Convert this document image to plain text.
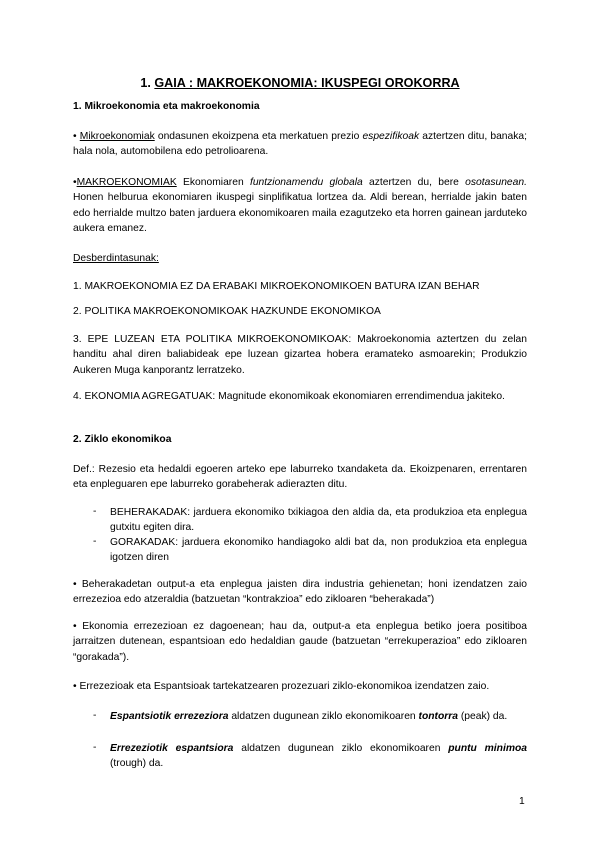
1. GAIA : MAKROEKONOMIA: IKUSPEGI OROKORRA
1. Mikroekonomia eta makroekonomia
• Mikroekonomiak ondasunen ekoizpena eta merkatuen prezio espezifikoak aztertzen ditu, banaka; hala nola, automobilena edo petrolioarena.
•MAKROEKONOMIAK Ekonomiaren funtzionamendu globala aztertzen du, bere osotasunean. Honen helburua ekonomiaren ikuspegi sinplifikatua lortzea da. Aldi berean, herrialde jakin baten edo herrialde multzo baten jarduera ekonomikoaren maila ezagutzeko eta horren gainean jarduteko aukera emanez.
Desberdintasunak:
1. MAKROEKONOMIA EZ DA ERABAKI MIKROEKONOMIKOEN BATURA IZAN BEHAR
2. POLITIKA MAKROEKONOMIKOAK HAZKUNDE EKONOMIKOA
3. EPE LUZEAN ETA POLITIKA MIKROEKONOMIKOAK: Makroekonomia aztertzen du zelan handitu ahal diren baliabideak epe luzean gizartea hobera eramateko asmoarekin; Produkzio Aukeren Muga kanporantz lerratzeko.
4. EKONOMIA AGREGATUAK: Magnitude ekonomikoak ekonomiaren errendimendua jakiteko.
2. Ziklo ekonomikoa
Def.: Rezesio eta hedaldi egoeren arteko epe laburreko txandaketa da. Ekoizpenaren, errentaren eta enpleguaren epe laburreko gorabeherak adierazten ditu.
- BEHERAKADAK: jarduera ekonomiko txikiagoa den aldia da, eta produkzioa eta enplegua gutxitu egiten dira.
- GORAKADAK: jarduera ekonomiko handiagoko aldi bat da, non produkzioa eta enplegua igotzen diren
• Beherakadetan output-a eta enplegua jaisten dira industria gehienetan; honi izendatzen zaio errezezioa edo atzeraldia (batzuetan “kontrakzioa” edo zikloaren “beherakada”)
• Ekonomia errezezioan ez dagoenean; hau da, output-a eta enplegua betiko joera positiboa jarraitzen dutenean, espantsioan edo hedaldian gaude (batzuetan “errekuperazioa” edo zikloaren “gorakada”).
• Errezezioak eta Espantsioak tartekatzearen prozezuari ziklo-ekonomikoa izendatzen zaio.
- Espantsiotik errezeziora aldatzen dugunean ziklo ekonomikoaren tontorra (peak) da.
- Errezeziotik espantsiora aldatzen dugunean ziklo ekonomikoaren puntu minimoa (trough) da.
1
